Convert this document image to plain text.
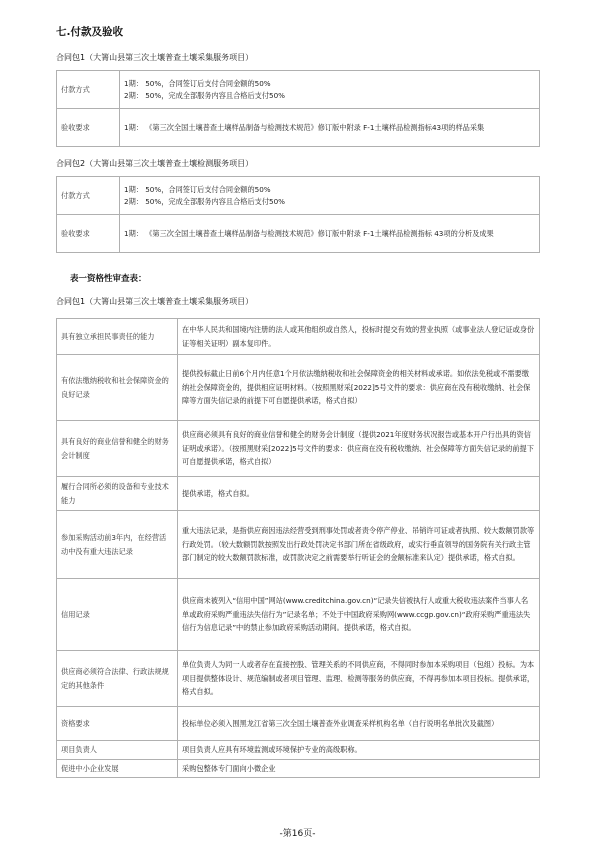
七.付款及验收
合同包1（大箐山县第三次土壤普查土壤采集服务项目）
付款方式	1期： 50%，合同签订后支付合同金额的50%
2期： 50%，完成全部服务内容且合格后支付50%

验收要求	1期： 《第三次全国土壤普查土壤样品制备与检测技术规范》修订版中附录 F-1土壤样品检测指标43项的样品采集
合同包2（大箐山县第三次土壤普查土壤检测服务项目）
付款方式	1期： 50%，合同签订后支付合同金额的50%
2期： 50%，完成全部服务内容且合格后支付50%

验收要求	1期： 《第三次全国土壤普查土壤样品制备与检测技术规范》修订版中附录 F-1土壤样品检测指标 43项的分析及成果
表一资格性审查表：
合同包1（大箐山县第三次土壤普查土壤采集服务项目）
具有独立承担民事责任的能力	在中华人民共和国境内注册的法人或其他组织或自然人，投标时提交有效的营业执照（或事业法人登记证或身份证等相关证明）副本复印件。
有依法缴纳税收和社会保障资金的良好记录	提供投标截止日前6个月内任意1个月依法缴纳税收和社会保障资金的相关材料或承诺。如依法免税或不需要缴纳社会保障资金的，提供相应证明材料。（按照黑财采[2022]5号文件的要求：供应商在没有税收缴纳、社会保障等方面失信记录的前提下可自愿提供承诺，格式自拟）
具有良好的商业信誉和健全的财务会计制度	供应商必须具有良好的商业信誉和健全的财务会计制度（提供2021年度财务状况报告或基本开户行出具的资信证明或承诺）。（按照黑财采[2022]5号文件的要求：供应商在没有税收缴纳、社会保障等方面失信记录的前提下可自愿提供承诺，格式自拟）
履行合同所必须的设备和专业技术能力	提供承诺，格式自拟。
参加采购活动前3年内，在经营活动中没有重大违法记录	重大违法记录，是指供应商因违法经营受到刑事处罚或者责令停产停业、吊销许可证或者执照、较大数额罚款等行政处罚。（较大数额罚款按照发出行政处罚决定书部门所在省级政府，或实行垂直领导的国务院有关行政主管部门制定的较大数额罚款标准，或罚款决定之前需要举行听证会的金额标准来认定）提供承诺，格式自拟。
信用记录	供应商未被列入“信用中国”网站(www.creditchina.gov.cn)“记录失信被执行人或重大税收违法案件当事人名单或政府采购严重违法失信行为”记录名单；不处于中国政府采购网(www.ccgp.gov.cn)“政府采购严重违法失信行为信息记录”中的禁止参加政府采购活动期间。提供承诺，格式自拟。
供应商必须符合法律、行政法规规定的其他条件	单位负责人为同一人或者存在直接控股、管理关系的不同供应商，不得同时参加本采购项目（包组）投标。为本项目提供整体设计、规范编制或者项目管理、监理、检测等服务的供应商，不得再参加本项目投标。提供承诺，格式自拟。
资格要求	投标单位必须入围黑龙江省第三次全国土壤普查外业调查采样机构名单（自行说明名单批次及截图）
项目负责人	项目负责人应具有环境监测或环境保护专业的高级职称。
促进中小企业发展	采购包整体专门面向小微企业
-第16页-
